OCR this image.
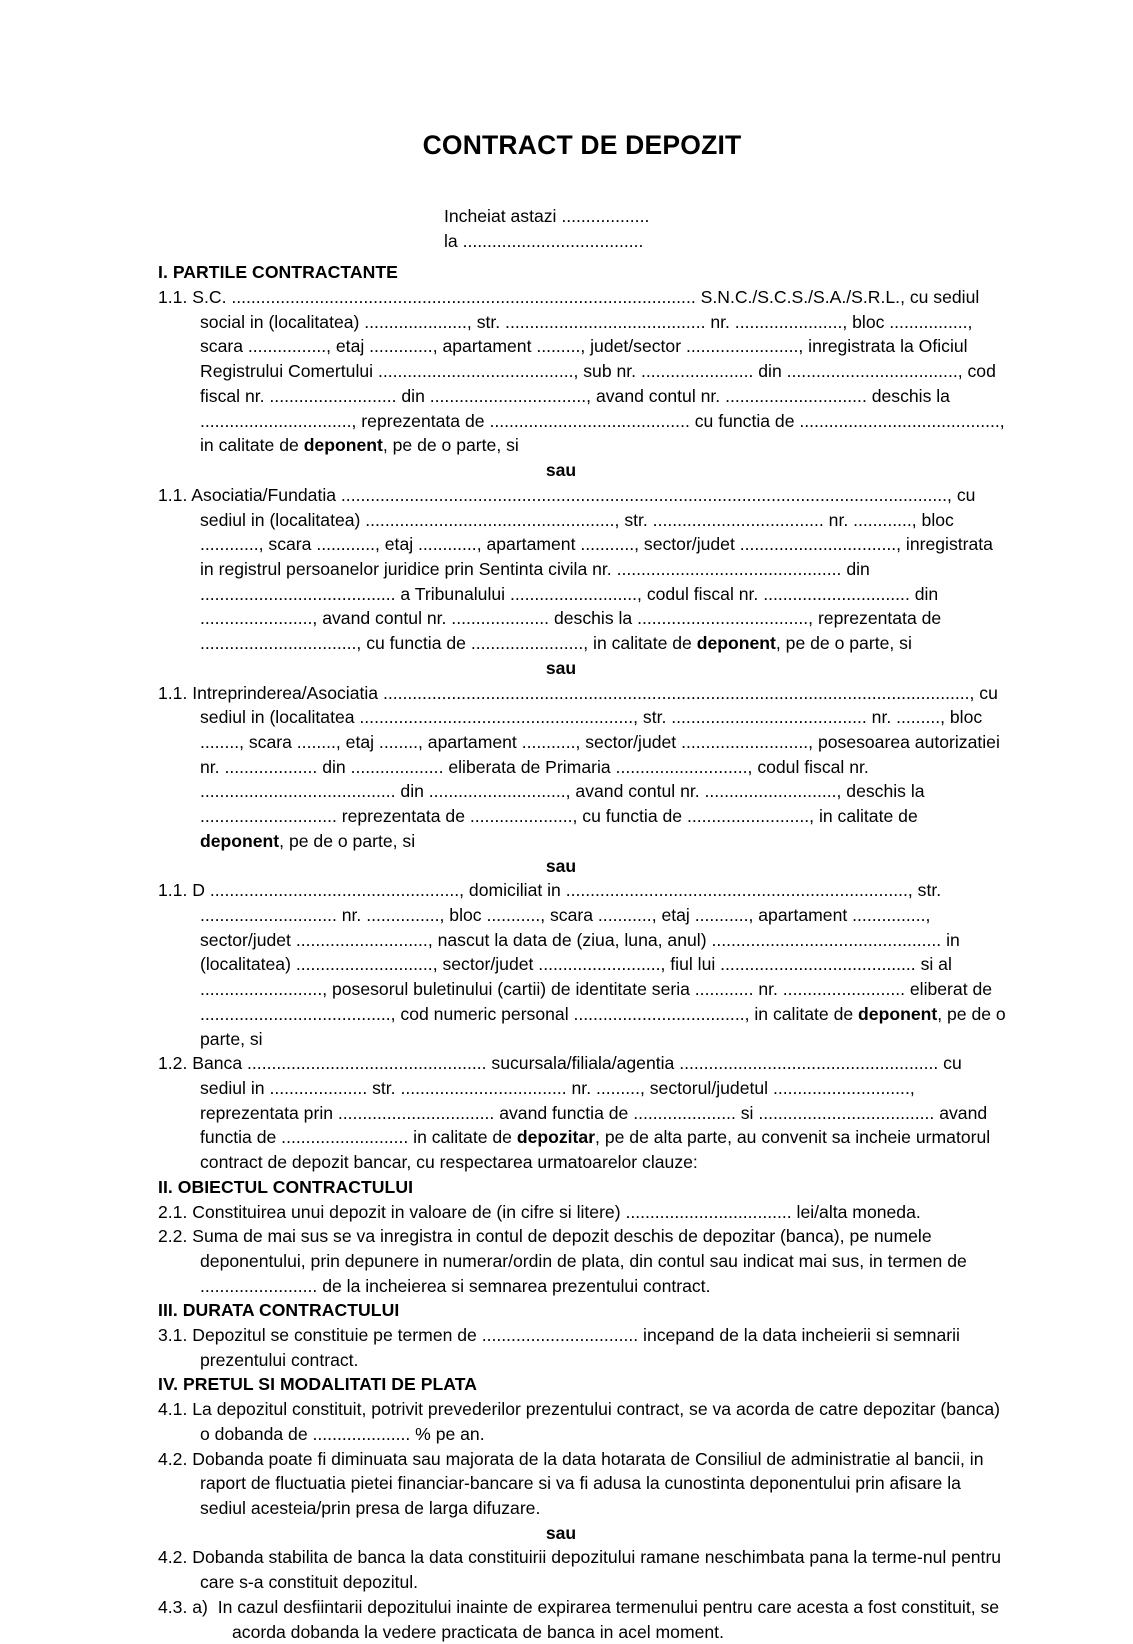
CONTRACT DE DEPOZIT
Incheiat astazi ..................
la .....................................
I. PARTILE CONTRACTANTE

1.1. S.C. ............................................................................................... S.N.C./S.C.S./S.A./S.R.L., cu sediul social in (localitatea) ....................., str. ......................................... nr. ......................, bloc ................, scara ................, etaj ............., apartament ........., judet/sector ......................., inregistrata la Oficiul Registrului Comertului ........................................, sub nr. ....................... din ..................................., cod fiscal nr. .......................... din ................................, avand contul nr. ............................. deschis la ..............................., reprezentata de ......................................... cu functia de ........................................., in calitate de deponent, pe de o parte, si

sau

1.1. Asociatia/Fundatia ............................................................................................................................, cu sediul in (localitatea) ..................................................., str. ................................... nr. ............, bloc ............, scara ............, etaj ............, apartament ..........., sector/judet ................................, inregistrata in registrul persoanelor juridice prin Sentinta civila nr. .............................................. din ........................................ a Tribunalului .........................., codul fiscal nr. .............................. din ......................., avand contul nr. .................... deschis la ..................................., reprezentata de ................................, cu functia de ......................., in calitate de deponent, pe de o parte, si

sau

1.1. Intreprinderea/Asociatia ........................................................................................................................, cu sediul in (localitatea ........................................................, str. ........................................ nr. ........., bloc ........, scara ........, etaj ........, apartament ..........., sector/judet .........................., posesoarea autorizatiei nr. ................... din ................... eliberata de Primaria ..........................., codul fiscal nr. ........................................ din ............................, avand contul nr. ..........................., deschis la ............................ reprezentata de ....................., cu functia de ........................., in calitate de deponent, pe de o parte, si

sau

1.1. D ..................................................., domiciliat in ......................................................................, str. ............................ nr. ..............., bloc ..........., scara ..........., etaj ..........., apartament ..............., sector/judet ..........................., nascut la data de (ziua, luna, anul) ............................................... in (localitatea) ............................, sector/judet ........................., fiul lui ........................................ si al ........................., posesorul buletinului (cartii) de identitate seria ............ nr. ......................... eliberat de ......................................., cod numeric personal ..................................., in calitate de deponent, pe de o parte, si

1.2. Banca ................................................. sucursala/filiala/agentia ..................................................... cu sediul in .................... str. .................................. nr. ........., sectorul/judetul ............................, reprezentata prin ................................ avand functia de ..................... si .................................... avand functia de .......................... in calitate de depozitar, pe de alta parte, au convenit sa incheie urmatorul contract de depozit bancar, cu respectarea urmatoarelor clauze:

II. OBIECTUL CONTRACTULUI

2.1. Constituirea unui depozit in valoare de (in cifre si litere) .................................. lei/alta moneda.

2.2. Suma de mai sus se va inregistra in contul de depozit deschis de depozitar (banca), pe numele deponentului, prin depunere in numerar/ordin de plata, din contul sau indicat mai sus, in termen de ........................ de la incheierea si semnarea prezentului contract.

III. DURATA CONTRACTULUI

3.1. Depozitul se constituie pe termen de ................................ incepand de la data incheierii si semnarii prezentului contract.

IV. PRETUL SI MODALITATI DE PLATA

4.1. La depozitul constituit, potrivit prevederilor prezentului contract, se va acorda de catre depozitar (banca) o dobanda de .................... % pe an.

4.2. Dobanda poate fi diminuata sau majorata de la data hotarata de Consiliul de administratie al bancii, in raport de fluctuatia pietei financiar-bancare si va fi adusa la cunostinta deponentului prin afisare la sediul acesteia/prin presa de larga difuzare.

sau

4.2. Dobanda stabilita de banca la data constituirii depozitului ramane neschimbata pana la terme-nul pentru care s-a constituit depozitul.

4.3. a) In cazul desfiintarii depozitului inainte de expirarea termenului pentru care acesta a fost constituit, se acorda dobanda la vedere practicata de banca in acel moment.
